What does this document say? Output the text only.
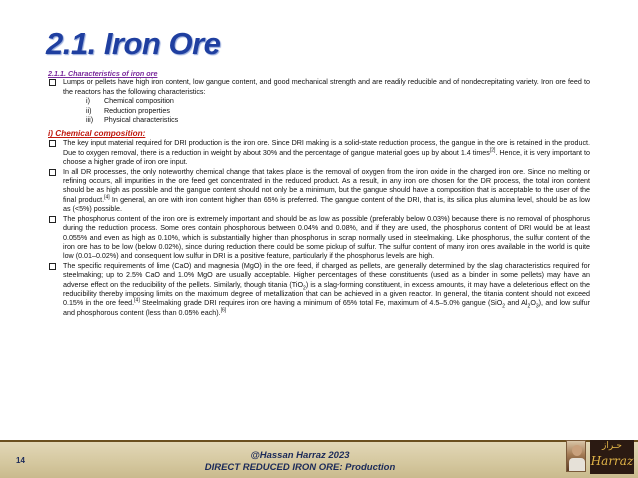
2.1. Iron Ore
2.1.1. Characteristics of iron ore
Lumps or pellets have high iron content, low gangue content, and good mechanical strength and are readily reducible and of nondecrepitating variety. Iron ore feed to the reactors has the following characteristics:
i) Chemical composition
ii) Reduction properties
iii) Physical characteristics
i) Chemical composition:
The key input material required for DRI production is the iron ore. Since DRI making is a solid-state reduction process, the gangue in the ore is retained in the product. Due to oxygen removal, there is a reduction in weight by about 30% and the percentage of gangue material goes up by about 1.4 times[2]. Hence, it is very important to choose a higher grade of iron ore input.
In all DR processes, the only noteworthy chemical change that takes place is the removal of oxygen from the iron oxide in the charged iron ore. Since no melting or refining occurs, all impurities in the ore feed get concentrated in the reduced product. As a result, in any iron ore chosen for the DR process, the total iron content should be as high as possible and the gangue content should not only be a minimum, but the gangue should have a composition that is acceptable to the user of the final product.[4] In general, an ore with iron content higher than 65% is preferred. The gangue content of the DRI, that is, its silica plus alumina level, should be as low as (<5%) possible.
The phosphorus content of the iron ore is extremely important and should be as low as possible (preferably below 0.03%) because there is no removal of phosphorus during the reduction process. Some ores contain phosphorous between 0.04% and 0.08%, and if they are used, the phosphorus content of DRI would be at least 0.055% and even as high as 0.10%, which is substantially higher than phosphorus in scrap normally used in steelmaking. Like phosphorus, the sulfur content of the iron ore has to be low (below 0.02%), since during reduction there could be some pickup of sulfur. The sulfur content of many iron ores available in the world is quite low (0.01–0.02%) and consequent low sulfur in DRI is a positive feature, particularly if the phosphorus levels are high.
The specific requirements of lime (CaO) and magnesia (MgO) in the ore feed, if charged as pellets, are generally determined by the slag characteristics required for steelmaking; up to 2.5% CaO and 1.0% MgO are usually acceptable. Higher percentages of these constituents (used as a binder in some pellets) may have an adverse effect on the reducibility of the pellets. Similarly, though titania (TiO$_2$) is a slag-forming constituent, in excess amounts, it may have a deleterious effect on the reducibility thereby imposing limits on the maximum degree of metallization that can be achieved in a given reactor. In general, the titania content should not exceed 0.15% in the ore feed.[4] Steelmaking grade DRI requires iron ore having a minimum of 65% total Fe, maximum of 4.5–5.0% gangue (SiO$_2$ and $Al_2O_3$), and low sulfur and phosphorous content (less than 0.05% each).[6]
14	@Hassan Harraz 2023
DIRECT REDUCED IRON ORE: Production
حـراز
Harraz
